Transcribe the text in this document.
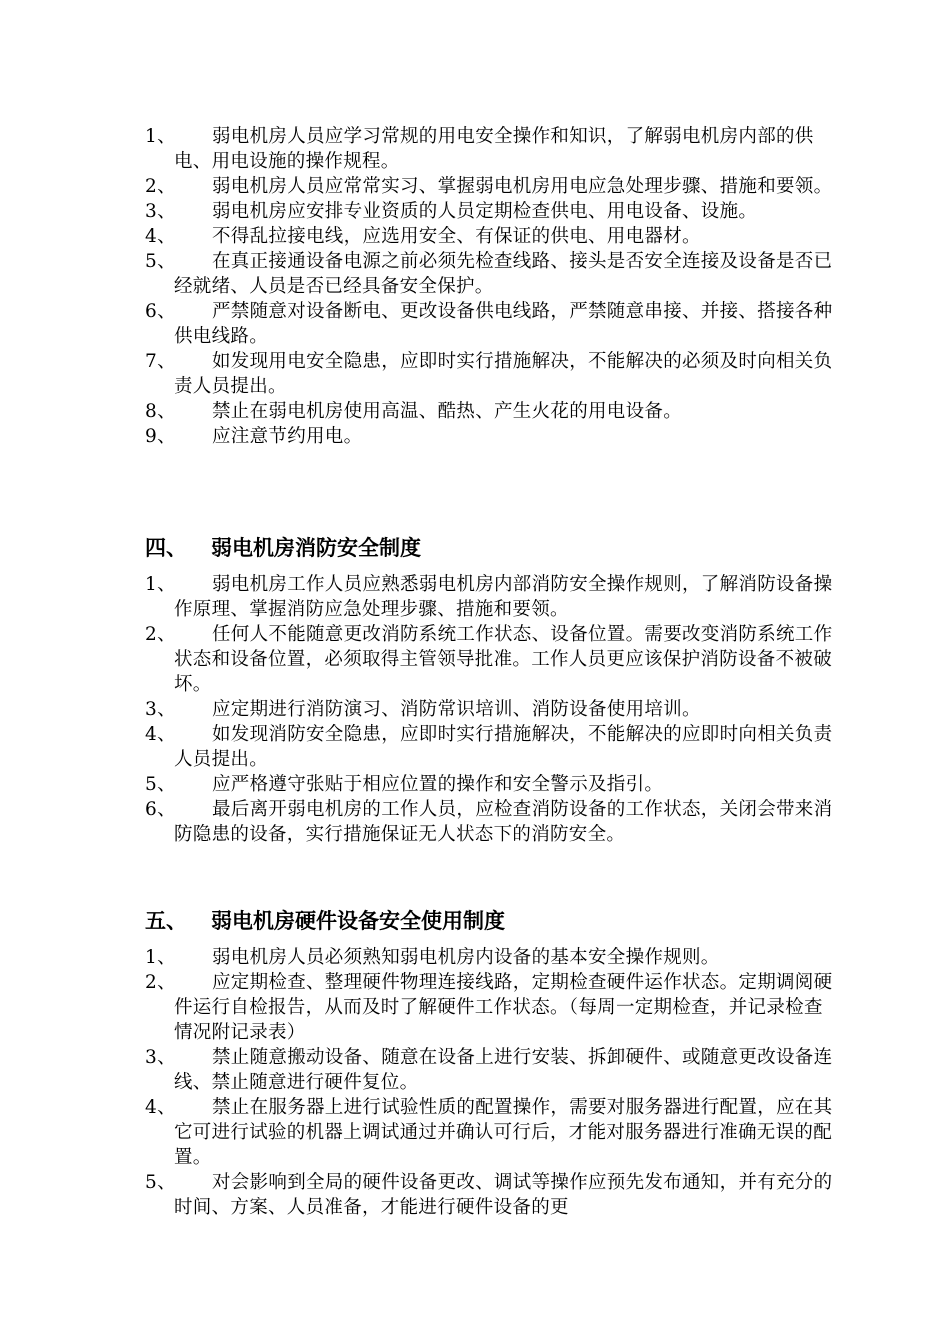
1、	弱电机房人员应学习常规的用电安全操作和知识，了解弱电机房内部的供电、用电设施的操作规程。
2、	弱电机房人员应常常实习、掌握弱电机房用电应急处理步骤、措施和要领。
3、	弱电机房应安排专业资质的人员定期检查供电、用电设备、设施。
4、	不得乱拉接电线，应选用安全、有保证的供电、用电器材。
5、	在真正接通设备电源之前必须先检查线路、接头是否安全连接及设备是否已经就绪、人员是否已经具备安全保护。
6、	严禁随意对设备断电、更改设备供电线路，严禁随意串接、并接、搭接各种供电线路。
7、	如发现用电安全隐患，应即时实行措施解决，不能解决的必须及时向相关负责人员提出。
8、	禁止在弱电机房使用高温、酷热、产生火花的用电设备。
9、	应注意节约用电。
四、 弱电机房消防安全制度
1、	弱电机房工作人员应熟悉弱电机房内部消防安全操作规则，了解消防设备操作原理、掌握消防应急处理步骤、措施和要领。
2、	任何人不能随意更改消防系统工作状态、设备位置。需要改变消防系统工作状态和设备位置，必须取得主管领导批准。工作人员更应该保护消防设备不被破坏。
3、	应定期进行消防演习、消防常识培训、消防设备使用培训。
4、	如发现消防安全隐患，应即时实行措施解决，不能解决的应即时向相关负责人员提出。
5、	应严格遵守张贴于相应位置的操作和安全警示及指引。
6、	最后离开弱电机房的工作人员，应检查消防设备的工作状态，关闭会带来消防隐患的设备，实行措施保证无人状态下的消防安全。
五、 弱电机房硬件设备安全使用制度
1、	弱电机房人员必须熟知弱电机房内设备的基本安全操作规则。
2、	应定期检查、整理硬件物理连接线路，定期检查硬件运作状态。定期调阅硬件运行自检报告，从而及时了解硬件工作状态。（每周一定期检查，并记录检查情况附记录表）
3、	禁止随意搬动设备、随意在设备上进行安装、拆卸硬件、或随意更改设备连线、禁止随意进行硬件复位。
4、	禁止在服务器上进行试验性质的配置操作，需要对服务器进行配置，应在其它可进行试验的机器上调试通过并确认可行后，才能对服务器进行准确无误的配置。
5、	对会影响到全局的硬件设备更改、调试等操作应预先发布通知，并有充分的时间、方案、人员准备，才能进行硬件设备的更
